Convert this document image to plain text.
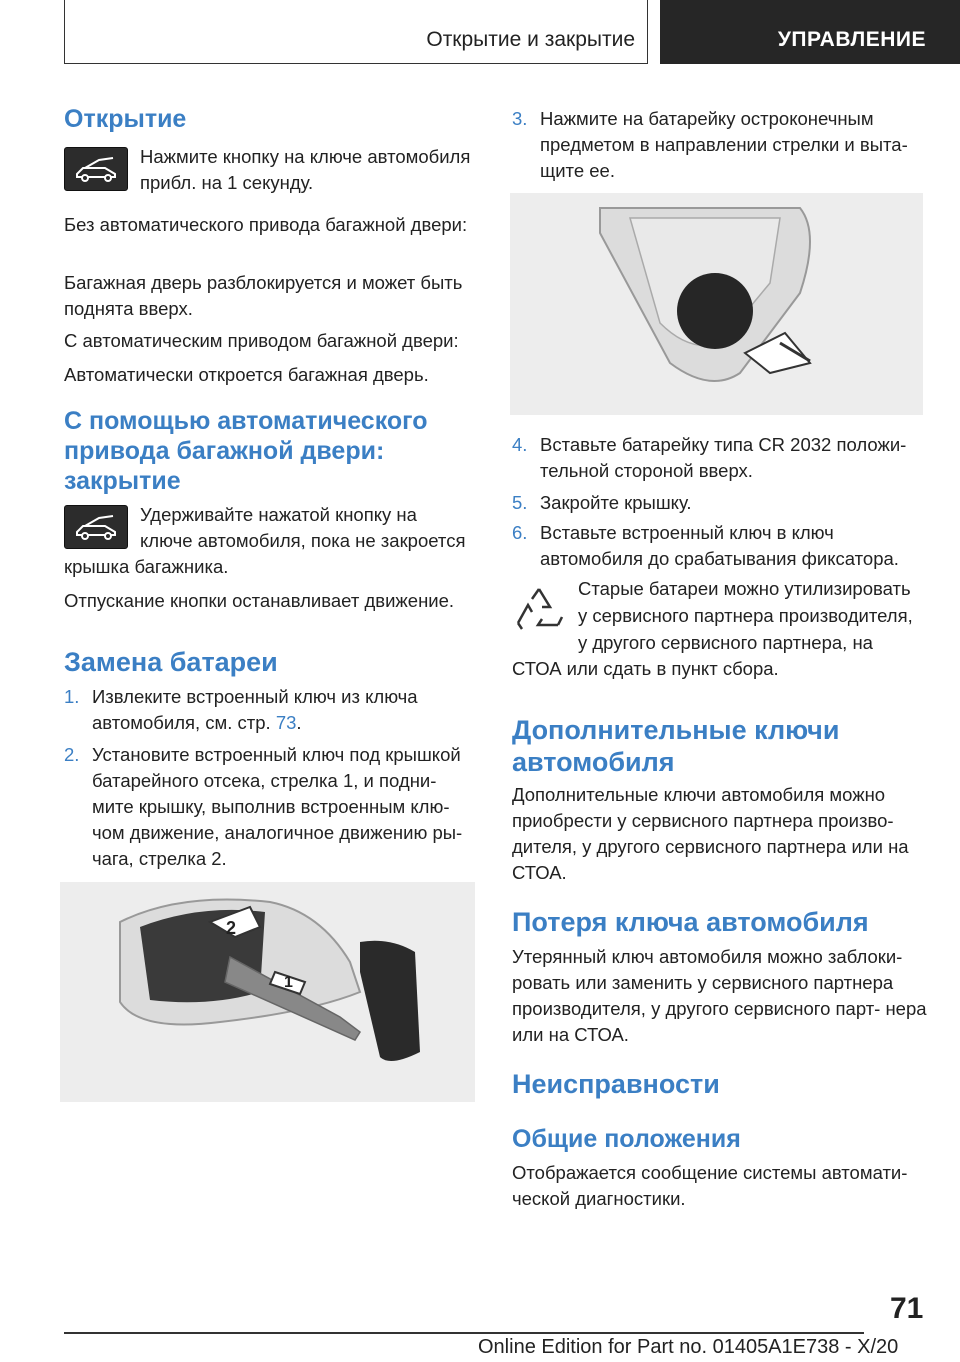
Открытие и закрытие	УПРАВЛЕНИЕ
Открытие

Нажмите кнопку на ключе автомобиля

прибл. на 1 секунду.

Без автоматического привода багажной двери:

Багажная дверь разблокируется и может быть поднята вверх.

С автоматическим приводом багажной двери:

Автоматически откроется багажная дверь.

С помощью автоматического привода багажной двери: закрытие

Удерживайте нажатой кнопку на

ключе автомобиля, пока не закроется

крышка багажника.

Отпускание кнопки останавливает движение.

Замена батареи
1. Извлеките встроенный ключ из ключа автомобиля, см. стр. 73.

2. Установите встроенный ключ под крышкой батарейного отсека, стрелка 1, и подни- мите крышку, выполнив встроенным клю- чом движение, аналогичное движению ры- чага, стрелка 2.

2
1
3. Нажмите на батарейку остроконечным предметом в направлении стрелки и выта- щите ее.

4. Вставьте батарейку типа CR 2032 положи- тельной стороной вверх.

5. Закройте крышку.

6. Вставьте встроенный ключ в ключ автомобиля до срабатывания фиксатора.

Старые батареи можно утилизировать

у сервисного партнера производителя,

у другого сервисного партнера, на

СТОА или сдать в пункт сбора.

Дополнительные ключи автомобиля

Дополнительные ключи автомобиля можно приобрести у сервисного партнера произво- дителя, у другого сервисного партнера или на СТОА.

Потеря ключа автомобиля

Утерянный ключ автомобиля можно заблоки- ровать или заменить у сервисного партнера производителя, у другого сервисного парт- нера или на СТОА.

Неисправности
Общие положения

Отображается сообщение системы автомати- ческой диагностики.

71
Online Edition for Part no. 01405A1E738 - X/20
